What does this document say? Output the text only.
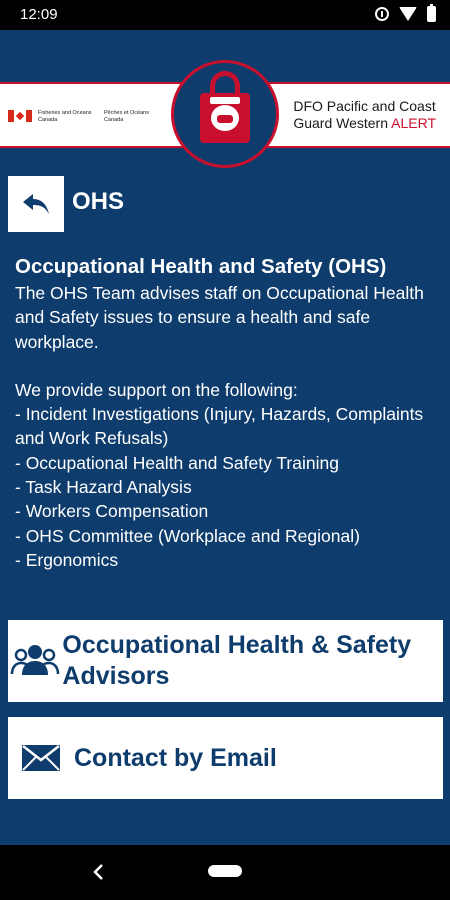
12:09
Fisheries and Oceans Canada
Pêches et Océans Canada
DFO Pacific and Coast
Guard Western ALERT
OHS
Occupational Health and Safety (OHS)

The OHS Team advises staff on Occupational Health and Safety issues to ensure a health and safe workplace.

We provide support on the following:

- Incident Investigations (Injury, Hazards, Complaints and Work Refusals)
- Occupational Health and Safety Training
- Task Hazard Analysis
- Workers Compensation
- OHS Committee (Workplace and Regional)
- Ergonomics
Occupational Health & Safety Advisors
Contact by Email
